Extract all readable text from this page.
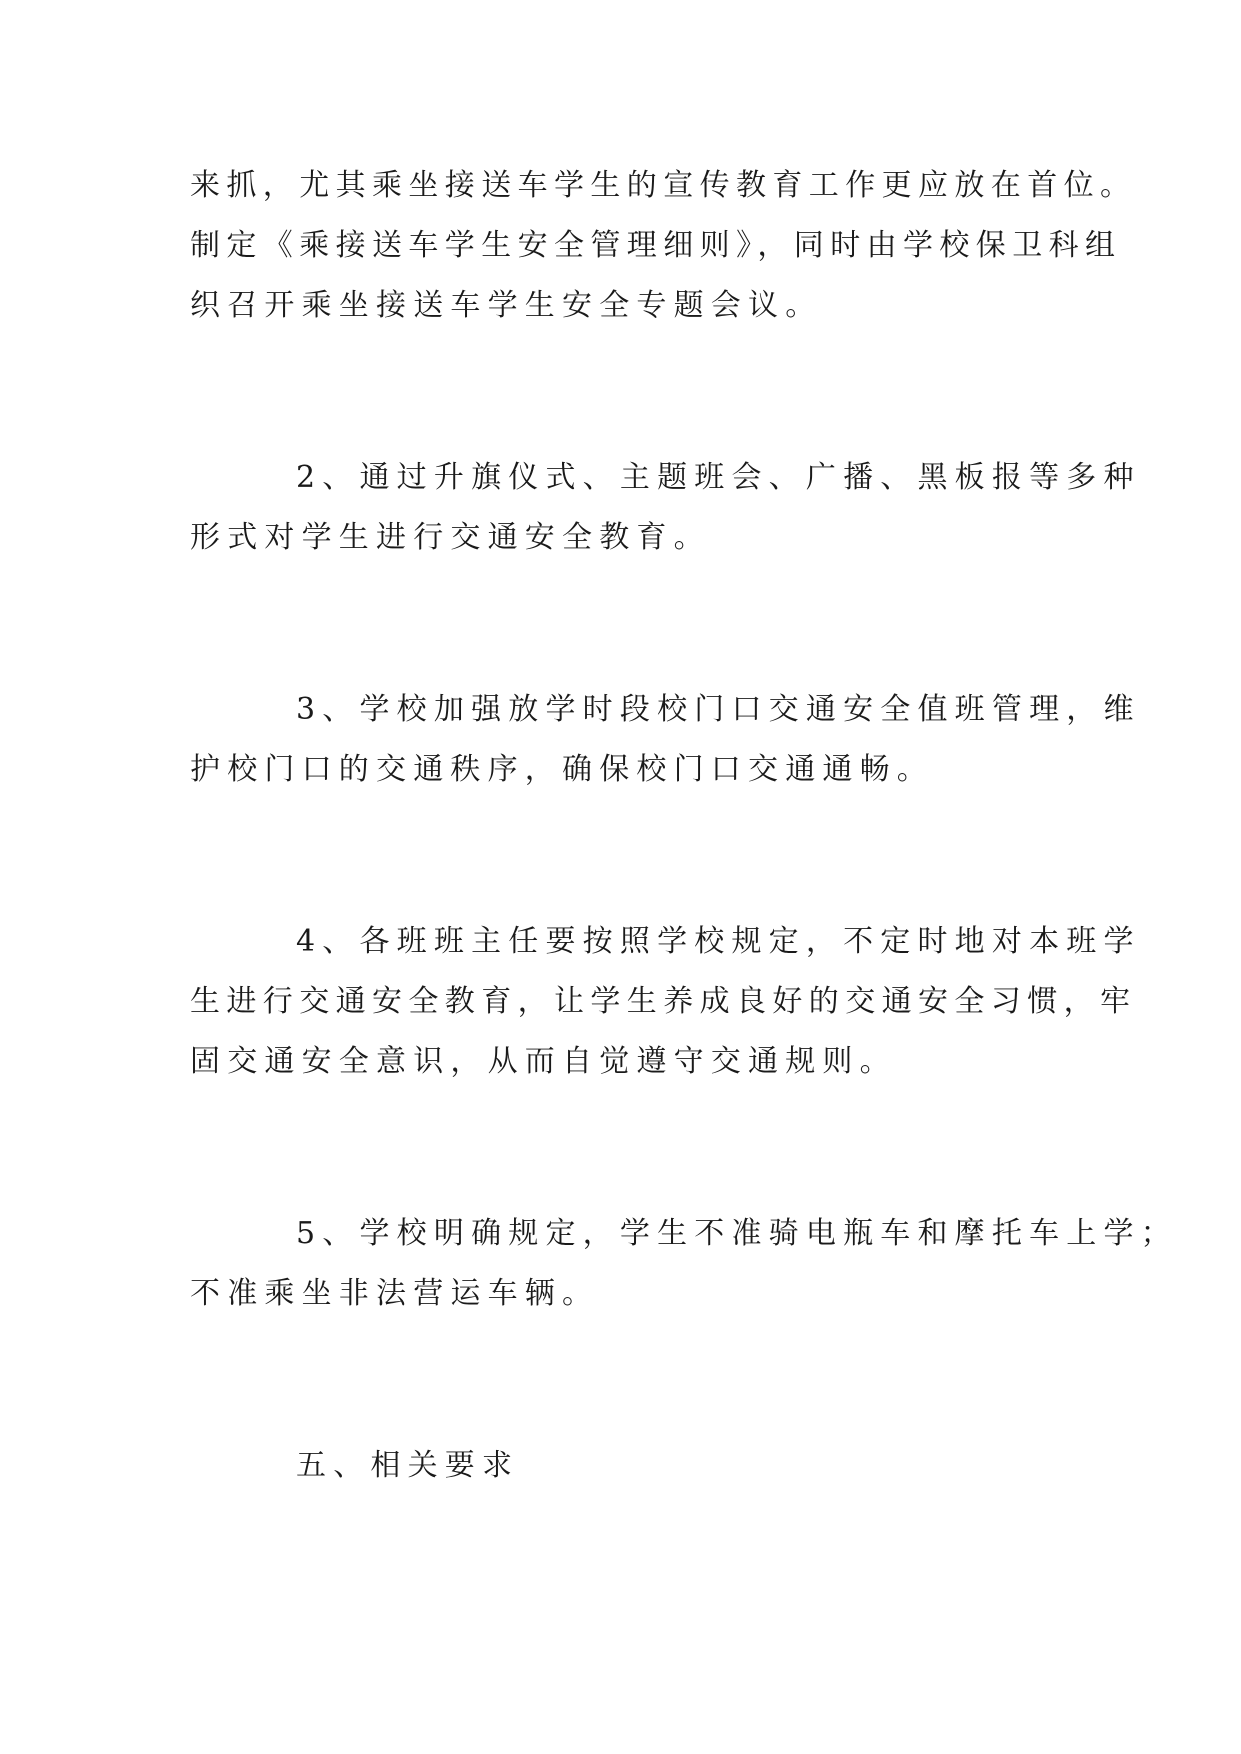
来抓，尤其乘坐接送车学生的宣传教育工作更应放在首位。
制定《乘接送车学生安全管理细则》，同时由学校保卫科组
织召开乘坐接送车学生安全专题会议。
2、通过升旗仪式、主题班会、广播、黑板报等多种
形式对学生进行交通安全教育。
3、学校加强放学时段校门口交通安全值班管理，维
护校门口的交通秩序，确保校门口交通通畅。
4、各班班主任要按照学校规定，不定时地对本班学
生进行交通安全教育，让学生养成良好的交通安全习惯，牢
固交通安全意识，从而自觉遵守交通规则。
5、学校明确规定，学生不准骑电瓶车和摩托车上学；
不准乘坐非法营运车辆。
五、相关要求
